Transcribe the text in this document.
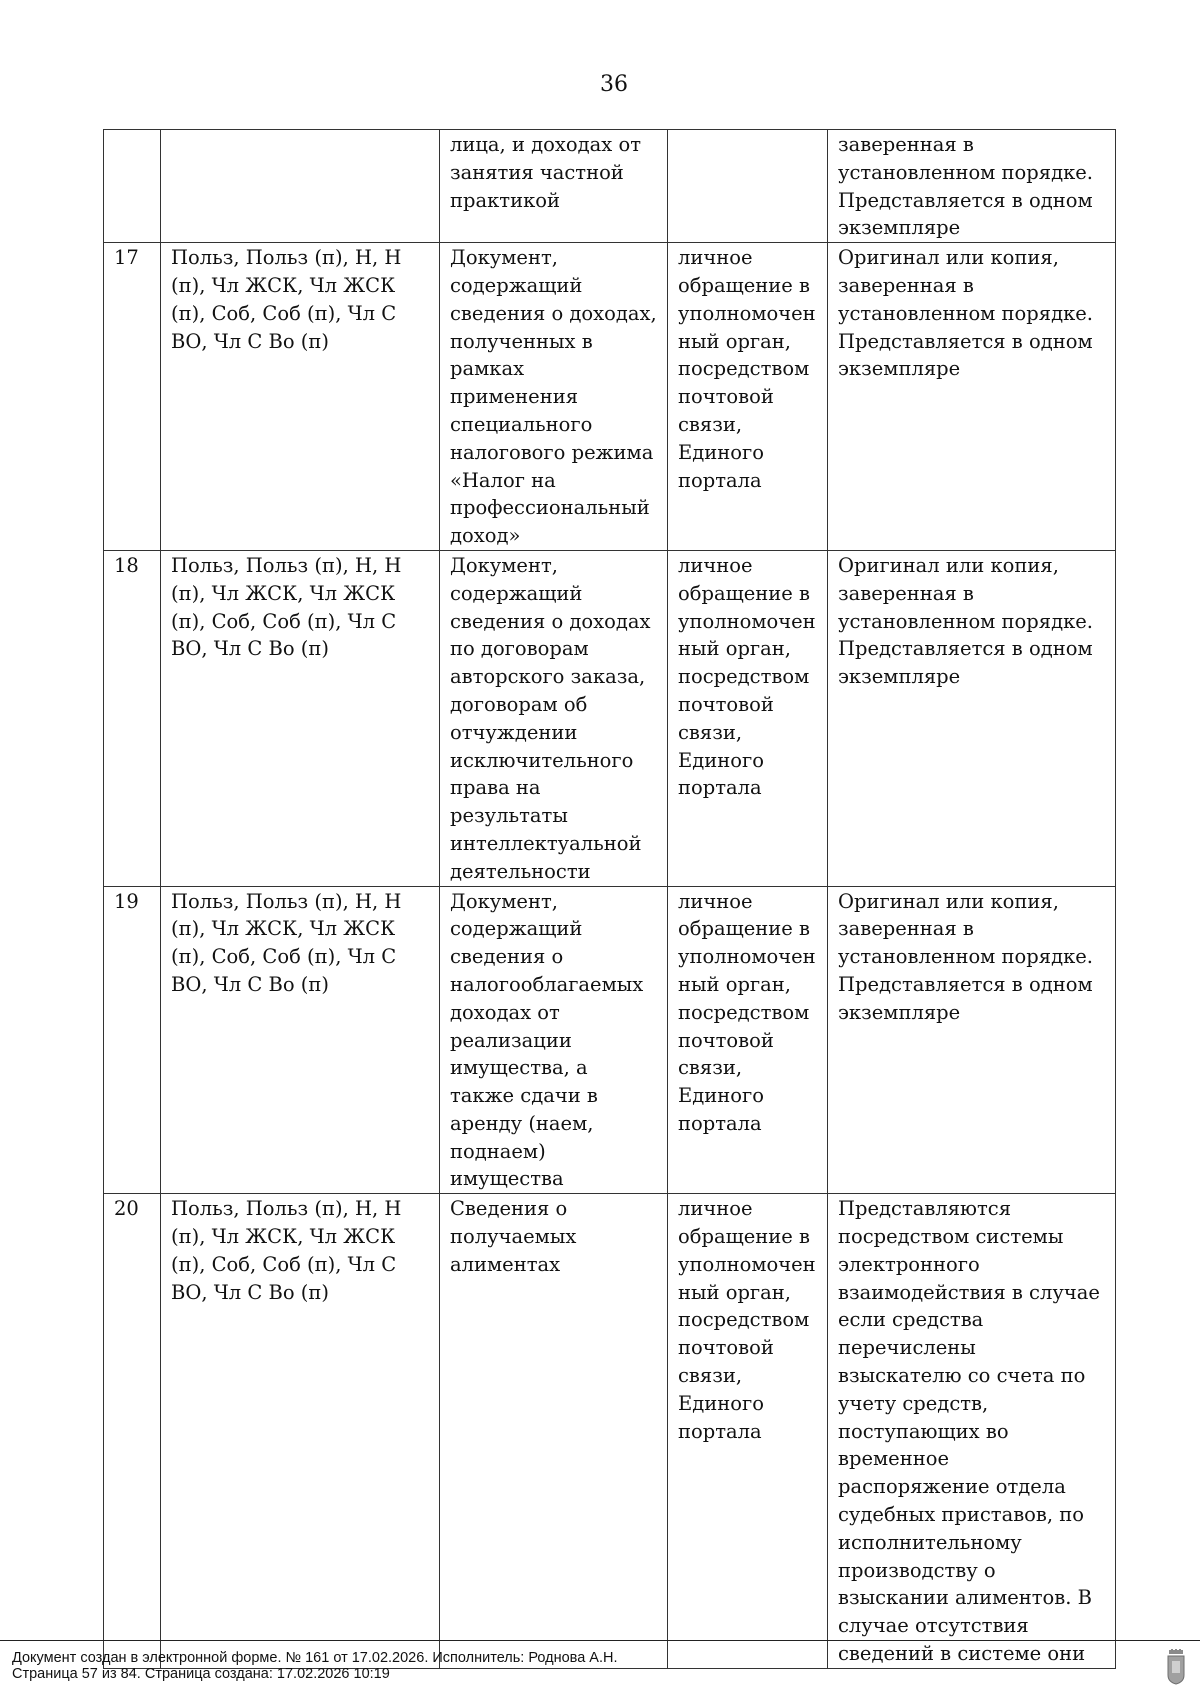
36
		лица, и доходах от занятия частной практикой		заверенная в установленном порядке. Представляется в одном экземпляре
17	Польз, Польз (п), Н, Н (п), Чл ЖСК, Чл ЖСК (п), Соб, Соб (п), Чл С ВО, Чл С Во (п)	Документ, содержащий сведения о доходах, полученных в рамках применения специального налогового режима «Налог на профессиональный доход»	личное обращение в уполномоченный орган, посредством почтовой связи, Единого портала	Оригинал или копия, заверенная в установленном порядке. Представляется в одном экземпляре
18	Польз, Польз (п), Н, Н (п), Чл ЖСК, Чл ЖСК (п), Соб, Соб (п), Чл С ВО, Чл С Во (п)	Документ, содержащий сведения о доходах по договорам авторского заказа, договорам об отчуждении исключительного права на результаты интеллектуальной деятельности	личное обращение в уполномоченный орган, посредством почтовой связи, Единого портала	Оригинал или копия, заверенная в установленном порядке. Представляется в одном экземпляре
19	Польз, Польз (п), Н, Н (п), Чл ЖСК, Чл ЖСК (п), Соб, Соб (п), Чл С ВО, Чл С Во (п)	Документ, содержащий сведения о налогооблагаемых доходах от реализации имущества, а также сдачи в аренду (наем, поднаем) имущества	личное обращение в уполномоченный орган, посредством почтовой связи, Единого портала	Оригинал или копия, заверенная в установленном порядке. Представляется в одном экземпляре
20	Польз, Польз (п), Н, Н (п), Чл ЖСК, Чл ЖСК (п), Соб, Соб (п), Чл С ВО, Чл С Во (п)	Сведения о получаемых алиментах	личное обращение в уполномоченный орган, посредством почтовой связи, Единого портала	Представляются посредством системы электронного взаимодействия в случае если средства перечислены взыскателю со счета по учету средств, поступающих во временное распоряжение отдела судебных приставов, по исполнительному производству о взыскании алиментов. В случае отсутствия сведений в системе они
Документ создан в электронной форме. № 161 от 17.02.2026. Исполнитель: Роднова А.Н.
Страница 57 из 84. Страница создана: 17.02.2026 10:19
